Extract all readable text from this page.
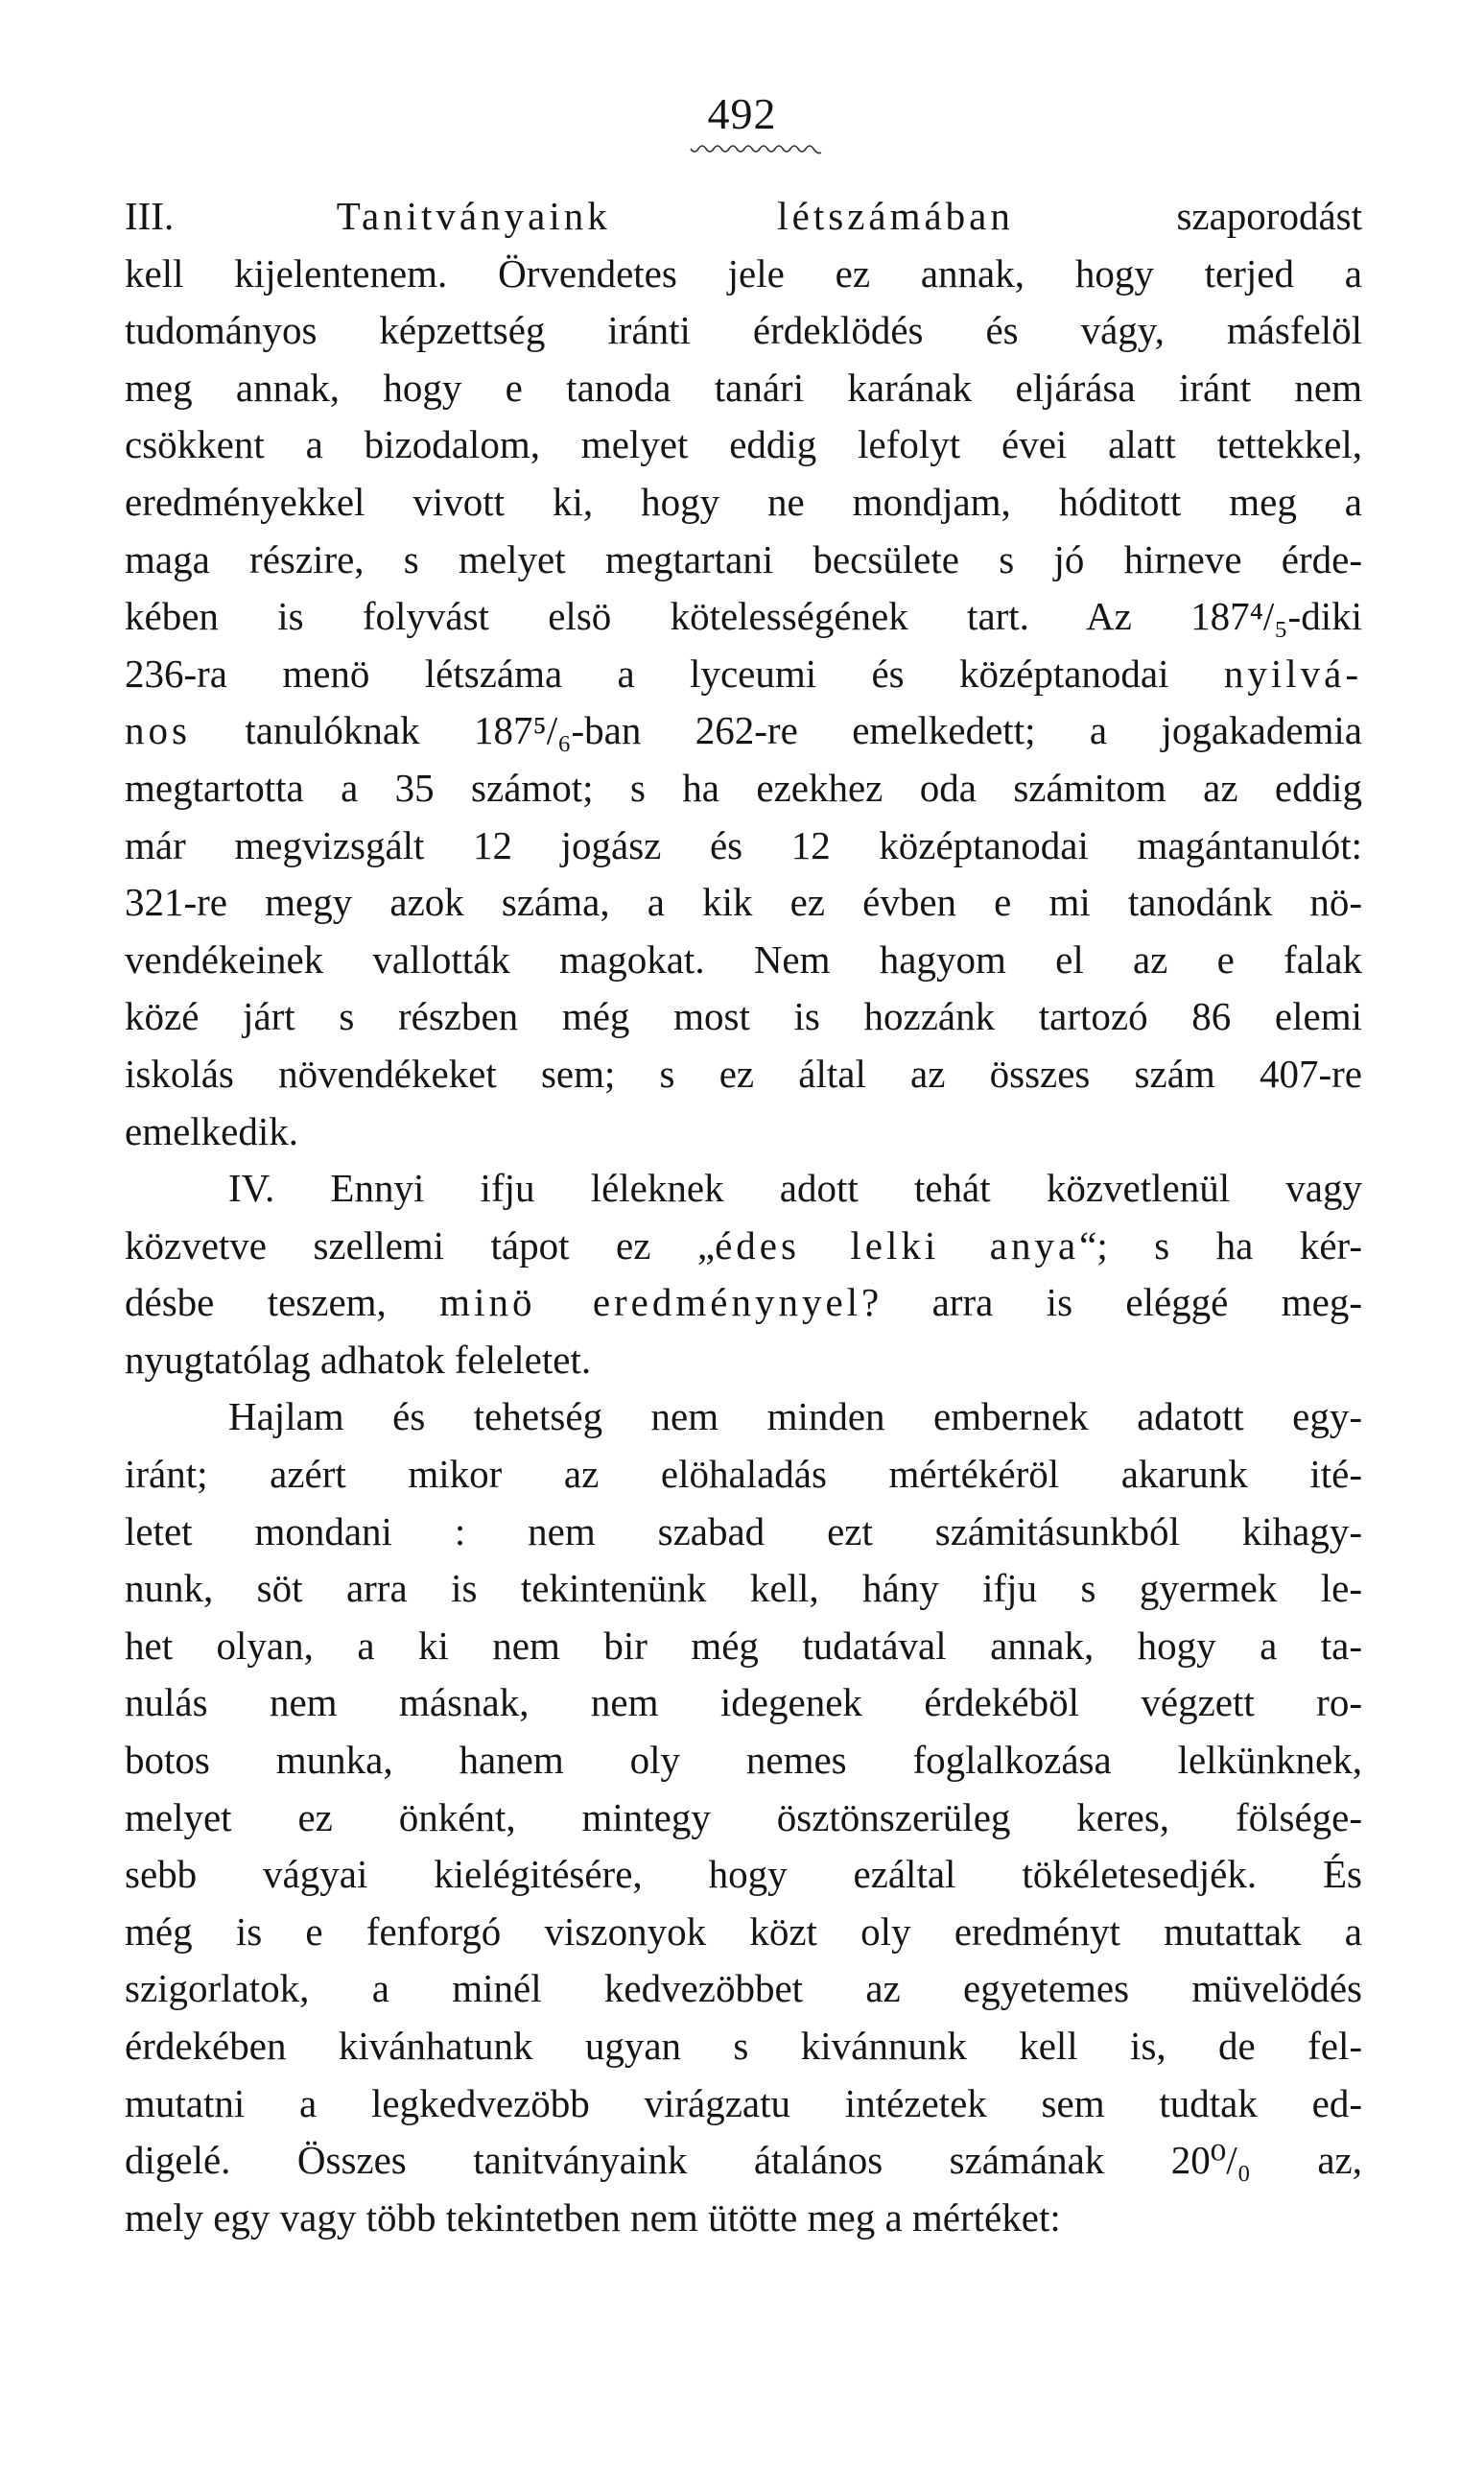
492
III. Tanitványaink létszámában szaporodást
kell kijelentenem. Örvendetes jele ez annak, hogy terjed a
tudományos képzettség iránti érdeklödés és vágy, másfelöl
meg annak, hogy e tanoda tanári karának eljárása iránt nem
csökkent a bizodalom, melyet eddig lefolyt évei alatt tettekkel,
eredményekkel vivott ki, hogy ne mondjam, hóditott meg a
maga részire, s melyet megtartani becsülete s jó hirneve érde-
kében is folyvást elsö kötelességének tart. Az 187⁴/₅-diki
236-ra menö létszáma a lyceumi és középtanodai nyilvá-
nos tanulóknak 187⁵/₆-ban 262-re emelkedett; a jogakademia
megtartotta a 35 számot; s ha ezekhez oda számitom az eddig
már megvizsgált 12 jogász és 12 középtanodai magántanulót:
321-re megy azok száma, a kik ez évben e mi tanodánk nö-
vendékeinek vallották magokat. Nem hagyom el az e falak
közé járt s részben még most is hozzánk tartozó 86 elemi
iskolás növendékeket sem; s ez által az összes szám 407-re
emelkedik.
IV. Ennyi ifju léleknek adott tehát közvetlenül vagy
közvetve szellemi tápot ez „édes lelki anya“; s ha kér-
désbe teszem, minö eredménynyel? arra is eléggé meg-
nyugtatólag adhatok feleletet.
Hajlam és tehetség nem minden embernek adatott egy-
iránt; azért mikor az elöhaladás mértékéröl akarunk ité-
letet mondani : nem szabad ezt számitásunkból kihagy-
nunk, söt arra is tekintenünk kell, hány ifju s gyermek le-
het olyan, a ki nem bir még tudatával annak, hogy a ta-
nulás nem másnak, nem idegenek érdekéböl végzett ro-
botos munka, hanem oly nemes foglalkozása lelkünknek,
melyet ez önként, mintegy ösztönszerüleg keres, fölsége-
sebb vágyai kielégitésére, hogy ezáltal tökéletesedjék. És
még is e fenforgó viszonyok közt oly eredményt mutattak a
szigorlatok, a minél kedvezöbbet az egyetemes müvelödés
érdekében kivánhatunk ugyan s kivánnunk kell is, de fel-
mutatni a legkedvezöbb virágzatu intézetek sem tudtak ed-
digelé. Összes tanitványaink átalános számának 20⁰/₀ az,
mely egy vagy több tekintetben nem ütötte meg a mértéket:
